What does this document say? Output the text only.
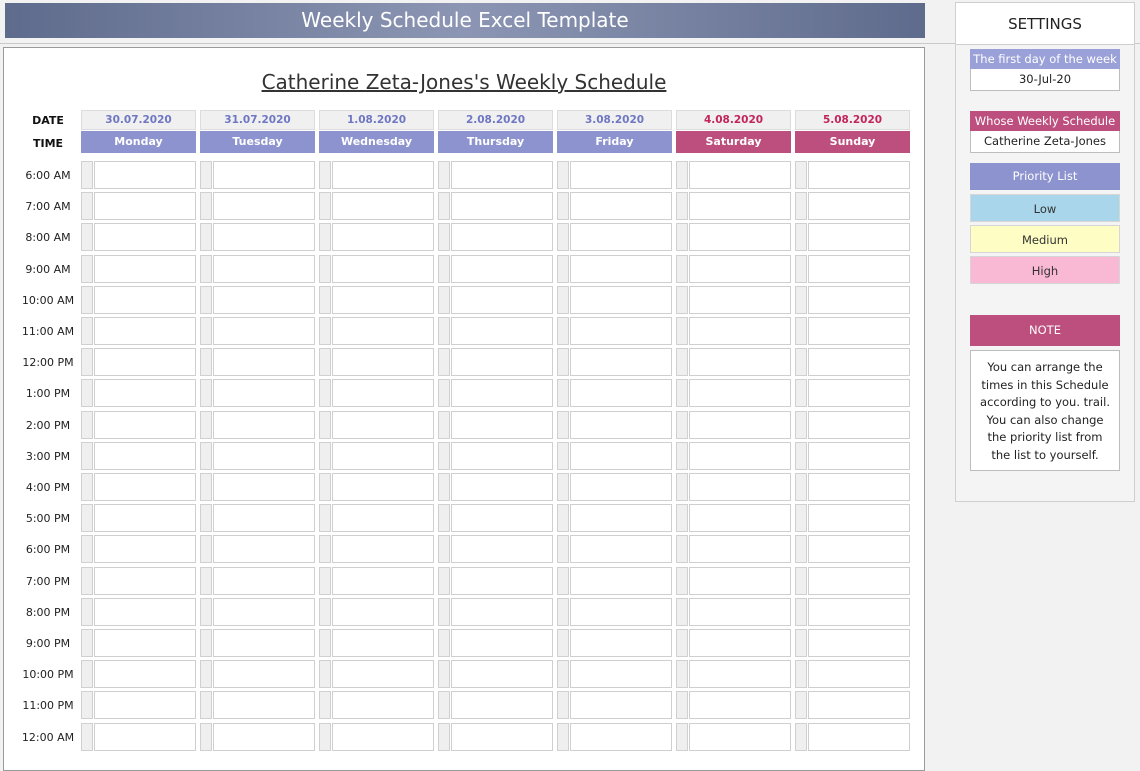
Weekly Schedule Excel Template
Catherine Zeta-Jones's Weekly Schedule
DATE
TIME
30.07.2020
Monday
31.07.2020
Tuesday
1.08.2020
Wednesday
2.08.2020
Thursday
3.08.2020
Friday
4.08.2020
Saturday
5.08.2020
Sunday
6:00 AM
7:00 AM
8:00 AM
9:00 AM
10:00 AM
11:00 AM
12:00 PM
1:00 PM
2:00 PM
3:00 PM
4:00 PM
5:00 PM
6:00 PM
7:00 PM
8:00 PM
9:00 PM
10:00 PM
11:00 PM
12:00 AM
SETTINGS
The first day of the week
30-Jul-20
Whose Weekly Schedule
Catherine Zeta-Jones
Priority List
Low
Medium
High
NOTE
You can arrange the times in this Schedule according to you. trail. You can also change the priority list from the list to yourself.
